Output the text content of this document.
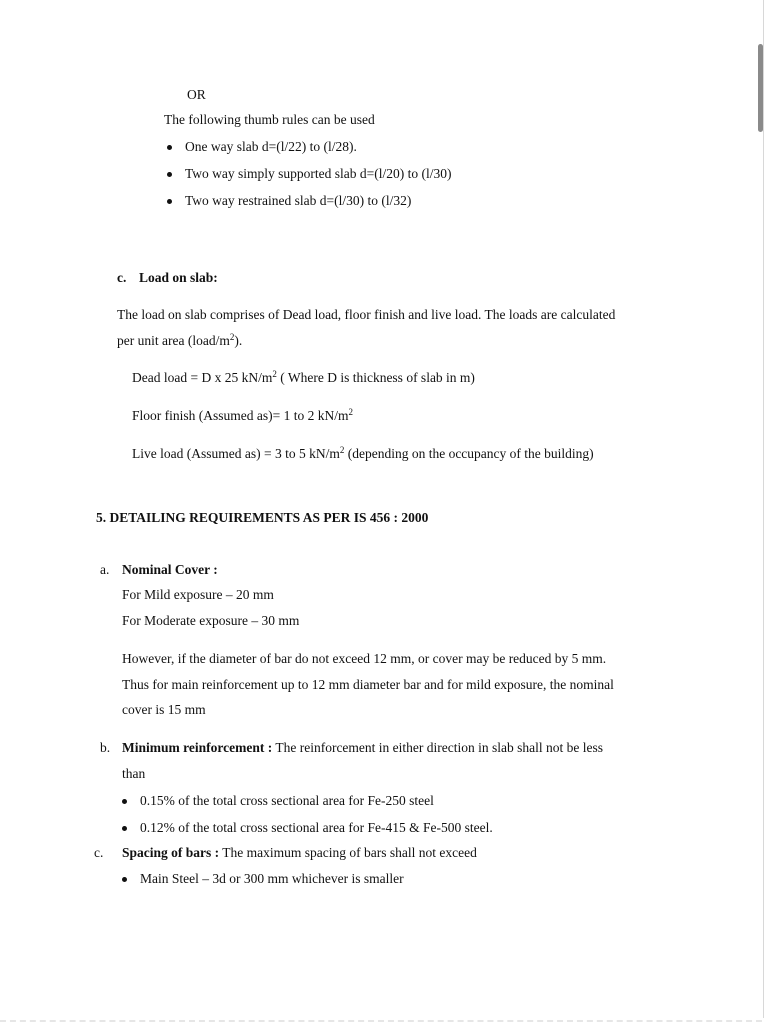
OR
The following thumb rules can be used
One way slab d=(l/22) to (l/28).
Two way simply supported slab d=(l/20) to (l/30)
Two way restrained slab d=(l/30) to (l/32)
c. Load on slab:
The load on slab comprises of Dead load, floor finish and live load. The loads are calculated
per unit area $(load/m^2)$.
Dead load = D x 25 $kN/m^2$ ( Where D is thickness of slab in m)
Floor finish (Assumed as)= 1 to 2 $kN/m^2$
Live load (Assumed as) = 3 to 5 $kN/m^2$ (depending on the occupancy of the building)
5. DETAILING REQUIREMENTS AS PER IS 456 : 2000
a. Nominal Cover :
For Mild exposure – 20 mm
For Moderate exposure – 30 mm
However, if the diameter of bar do not exceed 12 mm, or cover may be reduced by 5 mm.
Thus for main reinforcement up to 12 mm diameter bar and for mild exposure, the nominal
cover is 15 mm
b. Minimum reinforcement : The reinforcement in either direction in slab shall not be less
than
0.15% of the total cross sectional area for Fe-250 steel
0.12% of the total cross sectional area for Fe-415 & Fe-500 steel.
c. Spacing of bars : The maximum spacing of bars shall not exceed
Main Steel – 3d or 300 mm whichever is smaller
